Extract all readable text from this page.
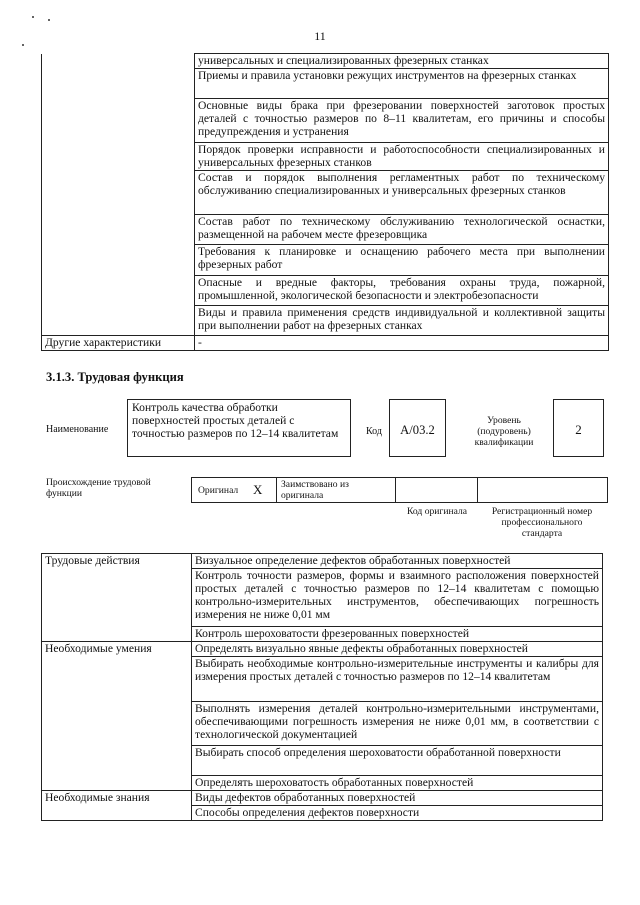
11
	универсальных и специализированных фрезерных станках
	Приемы и правила установки режущих инструментов на фрезерных станках
	Основные виды брака при фрезеровании поверхностей заготовок простых деталей с точностью размеров по 8–11 квалитетам, его причины и способы предупреждения и устранения
	Порядок проверки исправности и работоспособности специализированных и универсальных фрезерных станков
	Состав и порядок выполнения регламентных работ по техническому обслуживанию специализированных и универсальных фрезерных станков
	Состав работ по техническому обслуживанию технологической оснастки, размещенной на рабочем месте фрезеровщика
	Требования к планировке и оснащению рабочего места при выполнении фрезерных работ
	Опасные и вредные факторы, требования охраны труда, пожарной, промышленной, экологической безопасности и электробезопасности
	Виды и правила применения средств индивидуальной и коллективной защиты при выполнении работ на фрезерных станках
Другие характеристики	-
3.1.3. Трудовая функция
Наименование
Контроль качества обработки поверхностей простых деталей с точностью размеров по 12–14 квалитетам	Код	А/03.2
Уровень (подуровень) квалификации
2
Происхождение трудовой функции	Оригинал X Заимствовано из оригинала
Код оригинала	Регистрационный номер профессионального стандарта
Трудовые действия	Визуальное определение дефектов обработанных поверхностей
	Контроль точности размеров, формы и взаимного расположения поверхностей простых деталей с точностью размеров по 12–14 квалитетам с помощью контрольно-измерительных инструментов, обеспечивающих погрешность измерения не ниже 0,01 мм
	Контроль шероховатости фрезерованных поверхностей
Необходимые умения	Определять визуально явные дефекты обработанных поверхностей
	Выбирать необходимые контрольно-измерительные инструменты и калибры для измерения простых деталей с точностью размеров по 12–14 квалитетам
	Выполнять измерения деталей контрольно-измерительными инструментами, обеспечивающими погрешность измерения не ниже 0,01 мм, в соответствии с технологической документацией
	Выбирать способ определения шероховатости обработанной поверхности
	Определять шероховатость обработанных поверхностей
Необходимые знания	Виды дефектов обработанных поверхностей
	Способы определения дефектов поверхности
